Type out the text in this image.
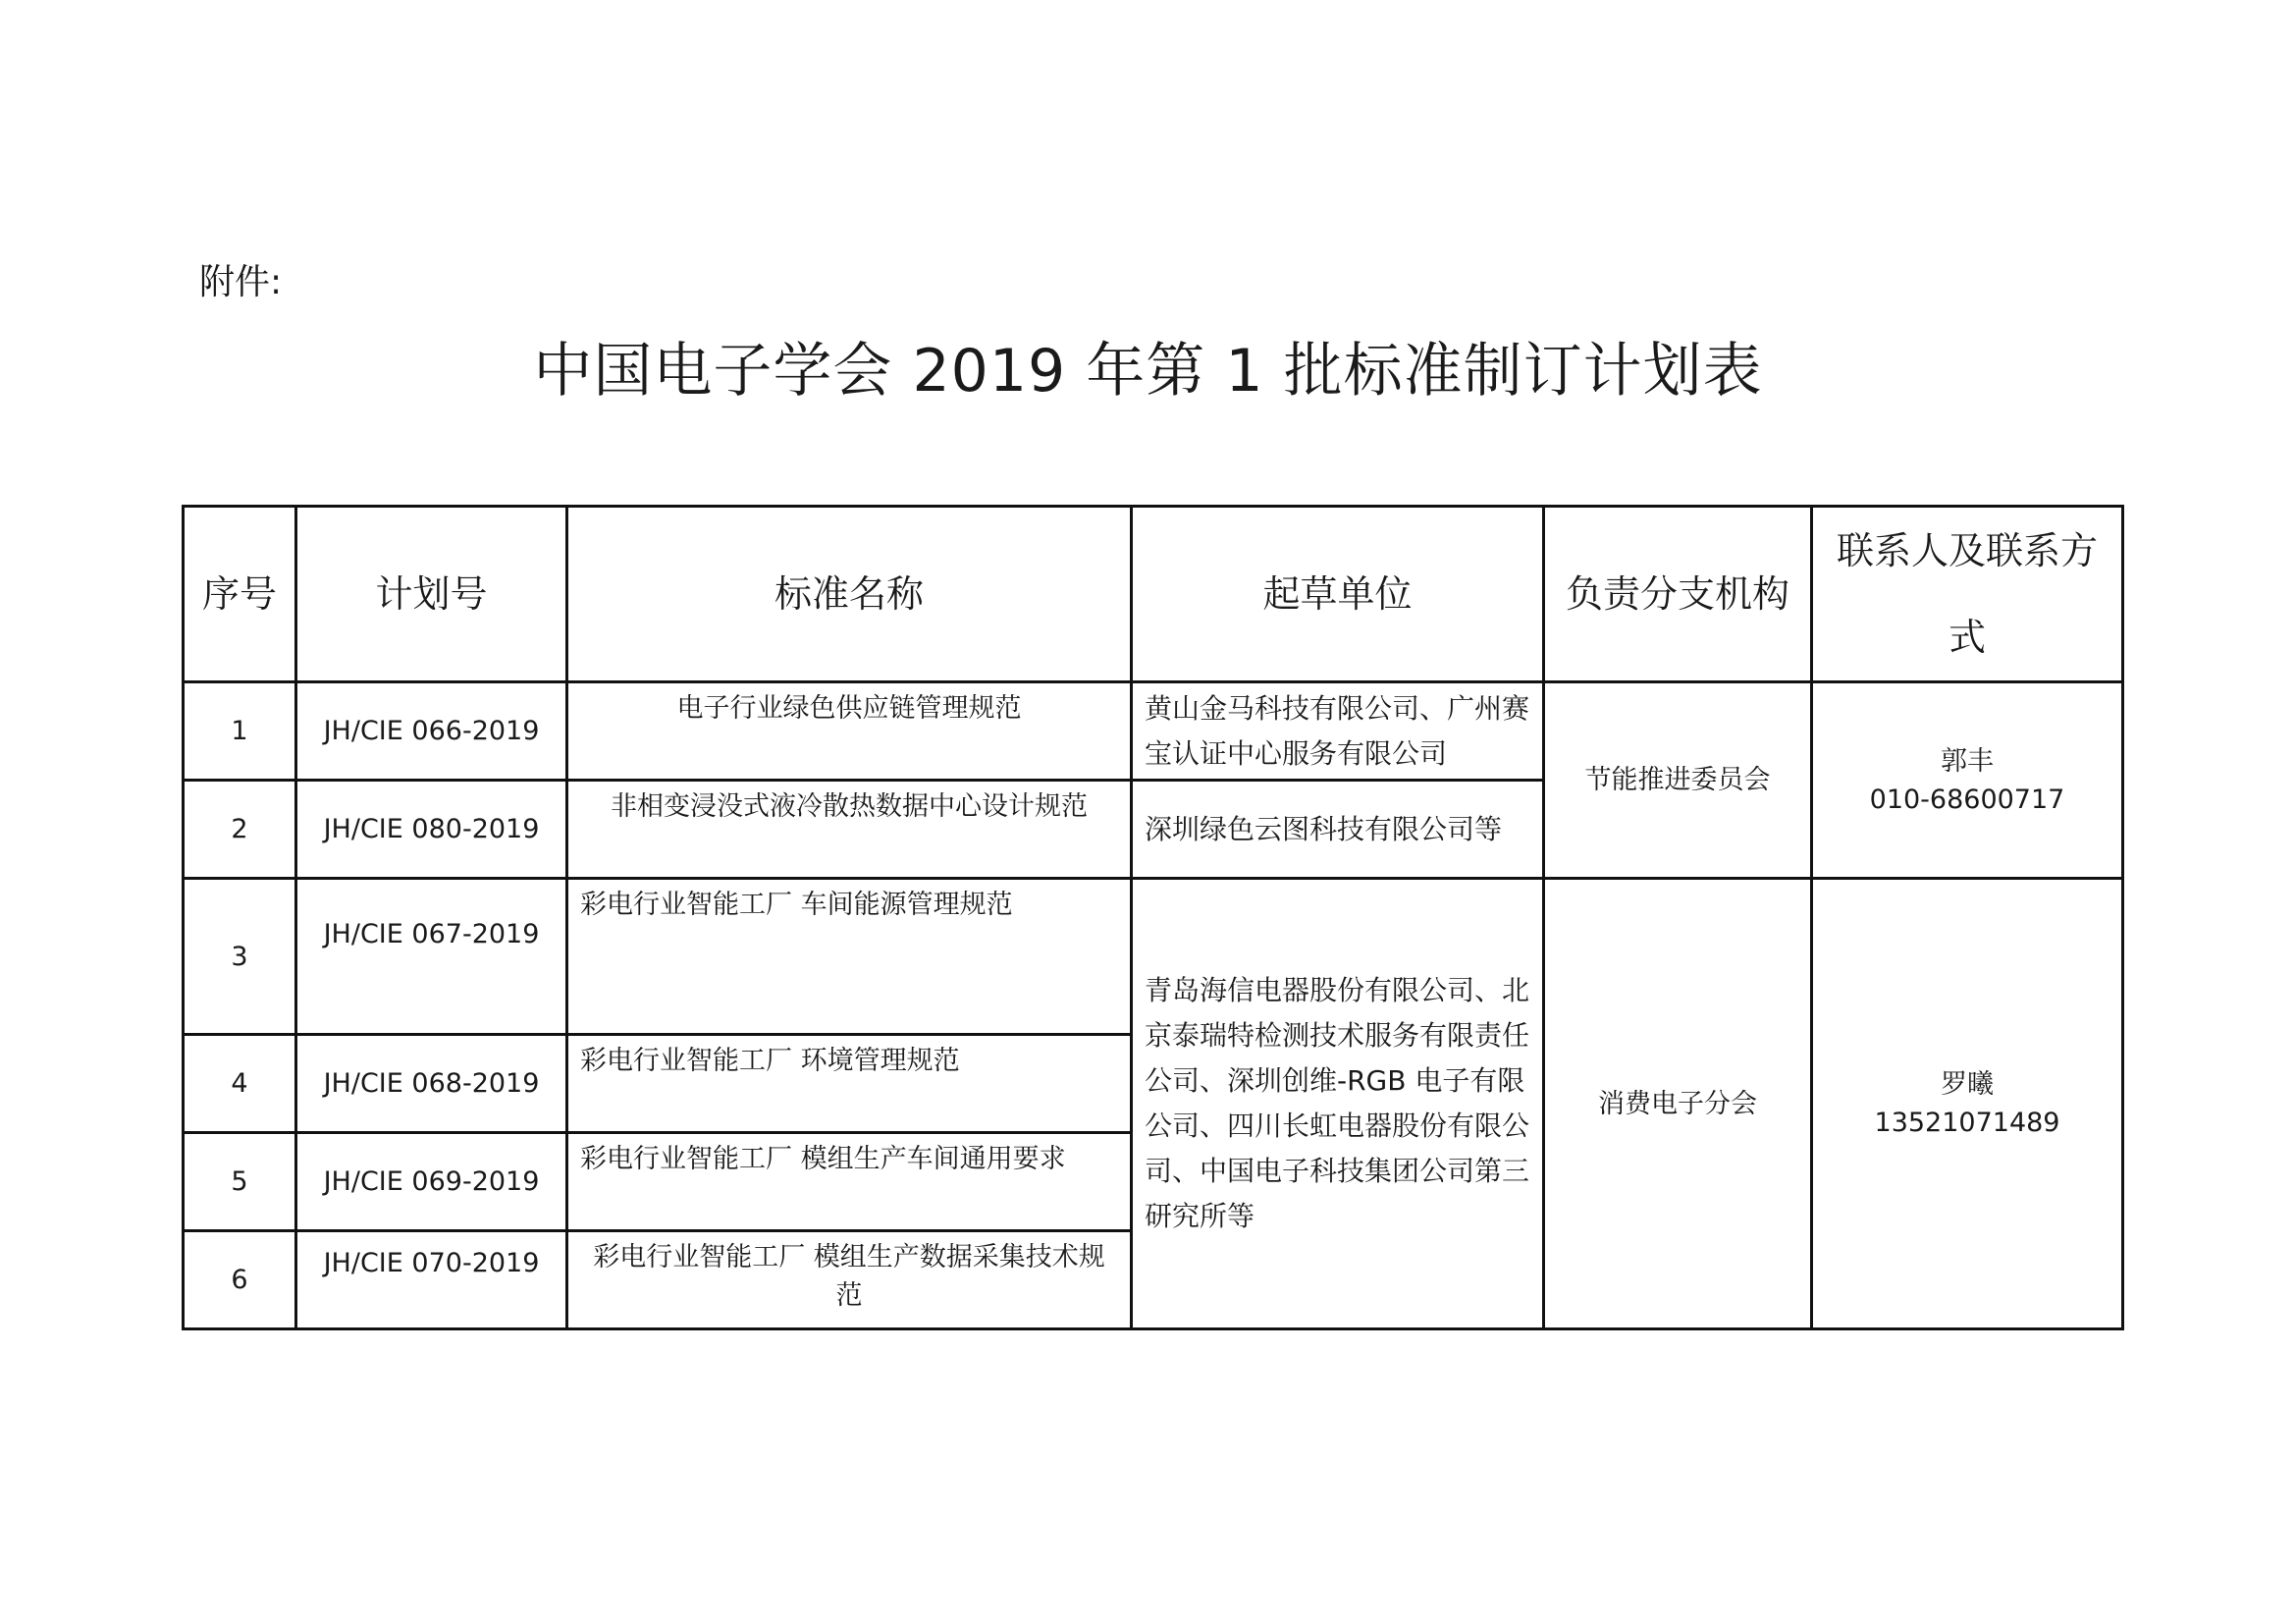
附件:
中国电子学会 2019 年第 1 批标准制订计划表
序号	计划号	标准名称	起草单位	负责分支机构	联系人及联系方式
1	JH/CIE 066-2019	电子行业绿色供应链管理规范	黄山金马科技有限公司、广州赛宝认证中心服务有限公司	节能推进委员会	郭丰
010-68600717

2	JH/CIE 080-2019	非相变浸没式液冷散热数据中心设计规范	深圳绿色云图科技有限公司等		
3	JH/CIE 067-2019	彩电行业智能工厂 车间能源管理规范	青岛海信电器股份有限公司、北京泰瑞特检测技术服务有限责任公司、深圳创维-RGB 电子有限公司、四川长虹电器股份有限公司、中国电子科技集团公司第三研究所等	消费电子分会	罗曦
13521071489

4	JH/CIE 068-2019	彩电行业智能工厂 环境管理规范			
5	JH/CIE 069-2019	彩电行业智能工厂 模组生产车间通用要求			
6	JH/CIE 070-2019	彩电行业智能工厂 模组生产数据采集技术规范			
